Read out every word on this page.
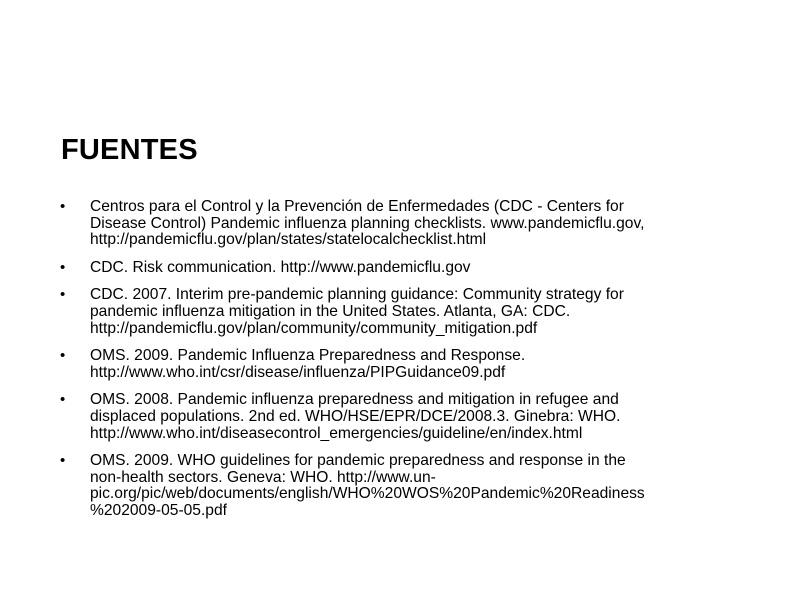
FUENTES
• Centros para el Control y la Prevención de Enfermedades (CDC - Centers for
Disease Control) Pandemic influenza planning checklists. www.pandemicflu.gov,
http://pandemicflu.gov/plan/states/statelocalchecklist.html
• CDC. Risk communication. http://www.pandemicflu.gov
• CDC. 2007. Interim pre-pandemic planning guidance: Community strategy for
pandemic influenza mitigation in the United States. Atlanta, GA: CDC.
http://pandemicflu.gov/plan/community/community_mitigation.pdf
• OMS. 2009. Pandemic Influenza Preparedness and Response.
http://www.who.int/csr/disease/influenza/PIPGuidance09.pdf
• OMS. 2008. Pandemic influenza preparedness and mitigation in refugee and
displaced populations. 2nd ed. WHO/HSE/EPR/DCE/2008.3. Ginebra: WHO.
http://www.who.int/diseasecontrol_emergencies/guideline/en/index.html
• OMS. 2009. WHO guidelines for pandemic preparedness and response in the
non-health sectors. Geneva: WHO. http://www.un-
pic.org/pic/web/documents/english/WHO%20WOS%20Pandemic%20Readiness
%202009-05-05.pdf
